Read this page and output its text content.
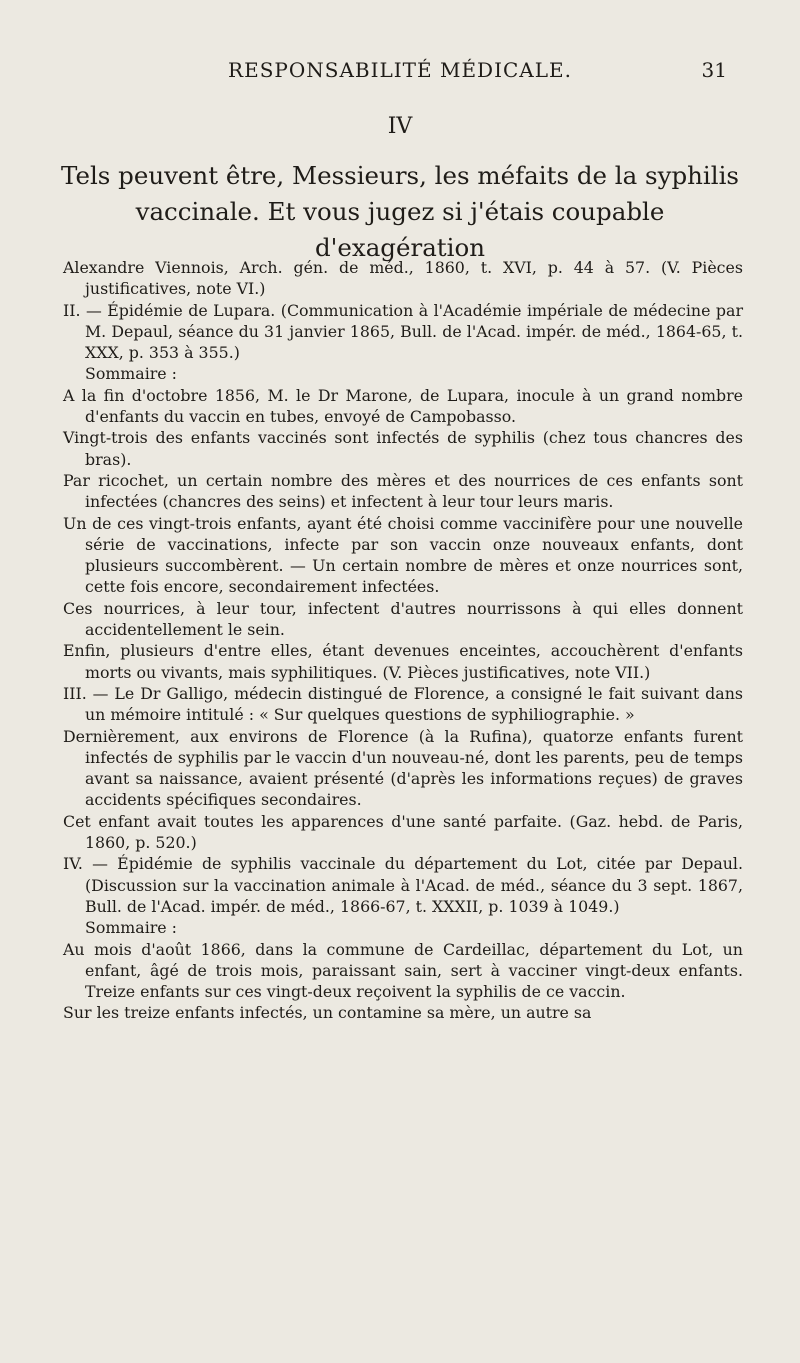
RESPONSABILITÉ MÉDICALE.	31
IV
Tels peuvent être, Messieurs, les méfaits de la syphilis
vaccinale. Et vous jugez si j'étais coupable d'exagération

Alexandre Viennois, Arch. gén. de méd., 1860, t. XVI, p. 44 à 57. (V. Pièces justificatives, note VI.)

II. — Épidémie de Lupara. (Communication à l'Académie impériale de médecine par M. Depaul, séance du 31 janvier 1865, Bull. de l'Acad. impér. de méd., 1864-65, t. XXX, p. 353 à 355.)

Sommaire :

A la fin d'octobre 1856, M. le Dr Marone, de Lupara, inocule à un grand nombre d'enfants du vaccin en tubes, envoyé de Campobasso.

Vingt-trois des enfants vaccinés sont infectés de syphilis (chez tous chancres des bras).

Par ricochet, un certain nombre des mères et des nourrices de ces enfants sont infectées (chancres des seins) et infectent à leur tour leurs maris.

Un de ces vingt-trois enfants, ayant été choisi comme vaccinifère pour une nouvelle série de vaccinations, infecte par son vaccin onze nouveaux enfants, dont plusieurs succombèrent. — Un certain nombre de mères et onze nourrices sont, cette fois encore, secondairement infectées.

Ces nourrices, à leur tour, infectent d'autres nourrissons à qui elles donnent accidentellement le sein.

Enfin, plusieurs d'entre elles, étant devenues enceintes, accouchèrent d'enfants morts ou vivants, mais syphilitiques. (V. Pièces justificatives, note VII.)

III. — Le Dr Galligo, médecin distingué de Florence, a consigné le fait suivant dans un mémoire intitulé : « Sur quelques questions de syphiliographie. »

Dernièrement, aux environs de Florence (à la Rufina), quatorze enfants furent infectés de syphilis par le vaccin d'un nouveau-né, dont les parents, peu de temps avant sa naissance, avaient présenté (d'après les informations reçues) de graves accidents spécifiques secondaires.

Cet enfant avait toutes les apparences d'une santé parfaite. (Gaz. hebd. de Paris, 1860, p. 520.)

IV. — Épidémie de syphilis vaccinale du département du Lot, citée par Depaul. (Discussion sur la vaccination animale à l'Acad. de méd., séance du 3 sept. 1867, Bull. de l'Acad. impér. de méd., 1866-67, t. XXXII, p. 1039 à 1049.)

Sommaire :

Au mois d'août 1866, dans la commune de Cardeillac, département du Lot, un enfant, âgé de trois mois, paraissant sain, sert à vacciner vingt-deux enfants. Treize enfants sur ces vingt-deux reçoivent la syphilis de ce vaccin.

Sur les treize enfants infectés, un contamine sa mère, un autre sa
